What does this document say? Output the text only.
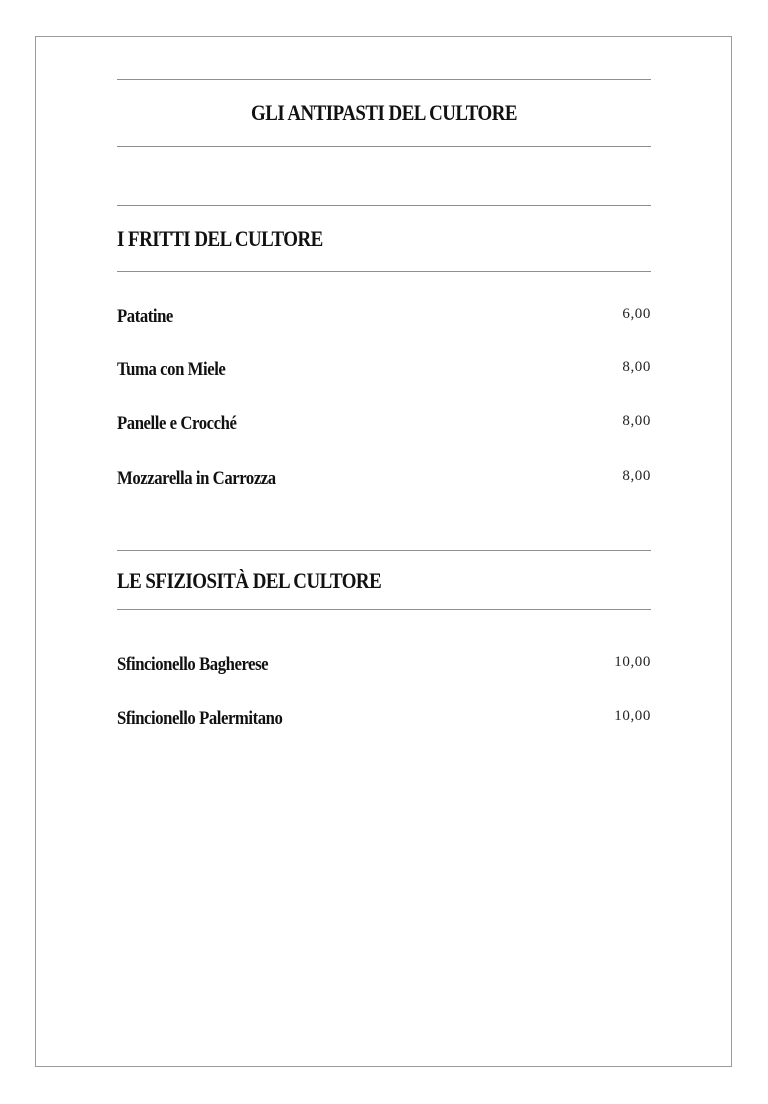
GLI ANTIPASTI DEL CULTORE
I FRITTI DEL CULTORE
Patatine	6,00
Tuma con Miele	8,00
Panelle e Crocché	8,00
Mozzarella in Carrozza	8,00
LE SFIZIOSITÀ DEL CULTORE
Sfincionello Bagherese	10,00
Sfincionello Palermitano	10,00
